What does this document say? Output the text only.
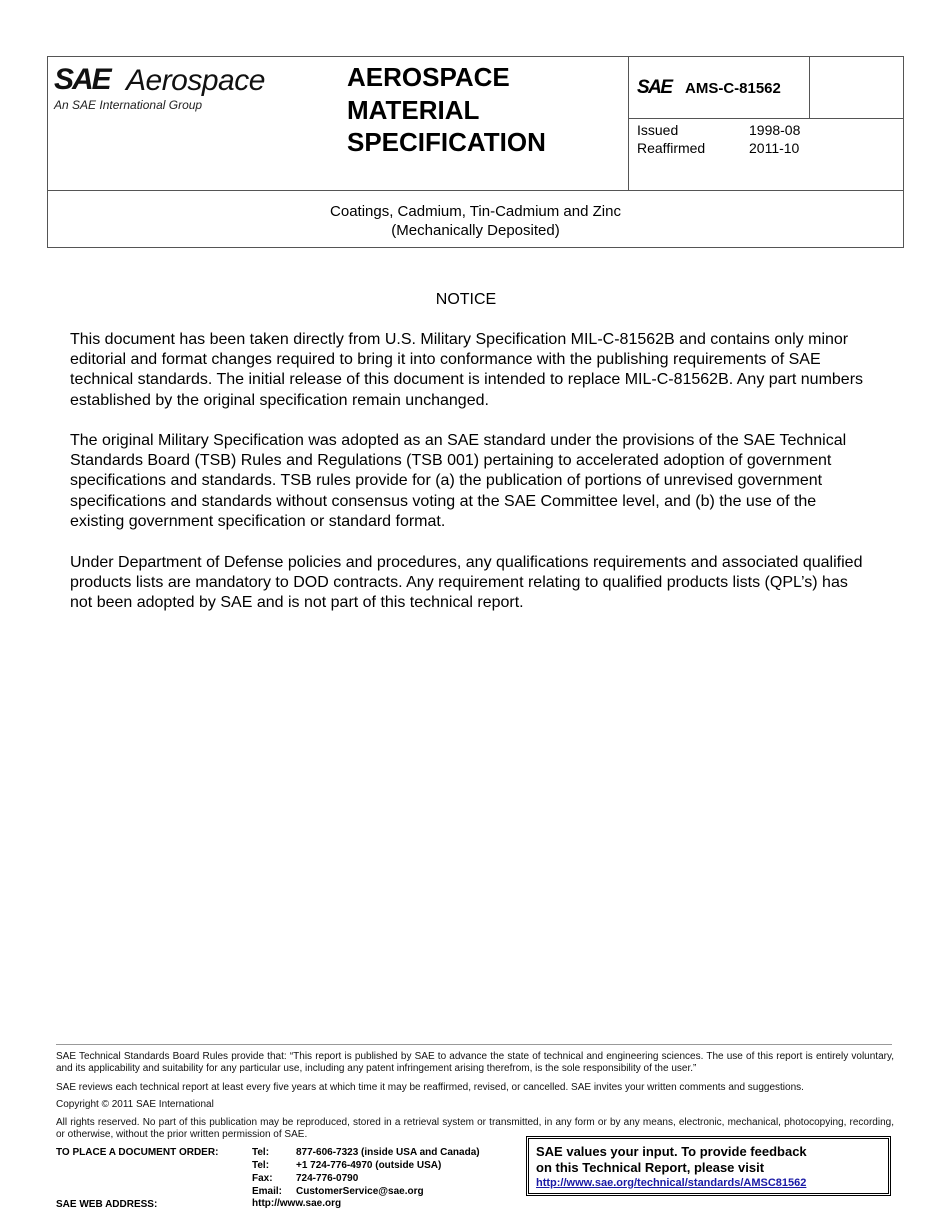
SAE Aerospace
An SAE International Group
AEROSPACE
MATERIAL
SPECIFICATION
SAE AMS-C-81562
Issued	1998-08
Reaffirmed	2011-10
Coatings, Cadmium, Tin-Cadmium and Zinc
(Mechanically Deposited)
NOTICE

This document has been taken directly from U.S. Military Specification MIL-C-81562B and contains only minor editorial and format changes required to bring it into conformance with the publishing requirements of SAE technical standards. The initial release of this document is intended to replace MIL-C-81562B. Any part numbers established by the original specification remain unchanged.

The original Military Specification was adopted as an SAE standard under the provisions of the SAE Technical Standards Board (TSB) Rules and Regulations (TSB 001) pertaining to accelerated adoption of government specifications and standards. TSB rules provide for (a) the publication of portions of unrevised government specifications and standards without consensus voting at the SAE Committee level, and (b) the use of the existing government specification or standard format.

Under Department of Defense policies and procedures, any qualifications requirements and associated qualified products lists are mandatory to DOD contracts. Any requirement relating to qualified products lists (QPL’s) has not been adopted by SAE and is not part of this technical report.

SAE Technical Standards Board Rules provide that: “This report is published by SAE to advance the state of technical and engineering sciences. The use of this report is entirely voluntary, and its applicability and suitability for any particular use, including any patent infringement arising therefrom, is the sole responsibility of the user.”

SAE reviews each technical report at least every five years at which time it may be reaffirmed, revised, or cancelled. SAE invites your written comments and suggestions.

Copyright © 2011 SAE International

All rights reserved. No part of this publication may be reproduced, stored in a retrieval system or transmitted, in any form or by any means, electronic, mechanical, photocopying, recording, or otherwise, without the prior written permission of SAE.

TO PLACE A DOCUMENT ORDER:	Tel:	877-606-7323 (inside USA and Canada)
Tel:	+1 724-776-4970 (outside USA)
Fax:	724-776-0790
Email:	CustomerService@sae.org
SAE WEB ADDRESS:	http://www.sae.org
SAE values your input. To provide feedback
on this Technical Report, please visit
http://www.sae.org/technical/standards/AMSC81562
